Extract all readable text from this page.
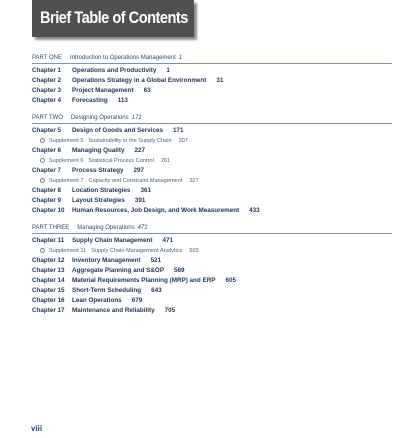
Brief Table of Contents
PART ONE Introduction to Operations Management 1
Chapter 1 Operations and Productivity 1
Chapter 2 Operations Strategy in a Global Environment 31
Chapter 3 Project Management 63
Chapter 4 Forecasting 113
PART TWO Designing Operations 171
Chapter 5 Design of Goods and Services 171
Supplement 5 Sustainability in the Supply Chain 207
Chapter 6 Managing Quality 227
Supplement 6 Statistical Process Control 261
Chapter 7 Process Strategy 297
Supplement 7 Capacity and Constraint Management 327
Chapter 8 Location Strategies 361
Chapter 9 Layout Strategies 391
Chapter 10 Human Resources, Job Design, and Work Measurement 433
PART THREE Managing Operations 471
Chapter 11 Supply Chain Management 471
Supplement 11 Supply Chain Management Analytics 503
Chapter 12 Inventory Management 521
Chapter 13 Aggregate Planning and S&OP 569
Chapter 14 Material Requirements Planning (MRP) and ERP 605
Chapter 15 Short-Term Scheduling 643
Chapter 16 Lean Operations 679
Chapter 17 Maintenance and Reliability 705
viii
